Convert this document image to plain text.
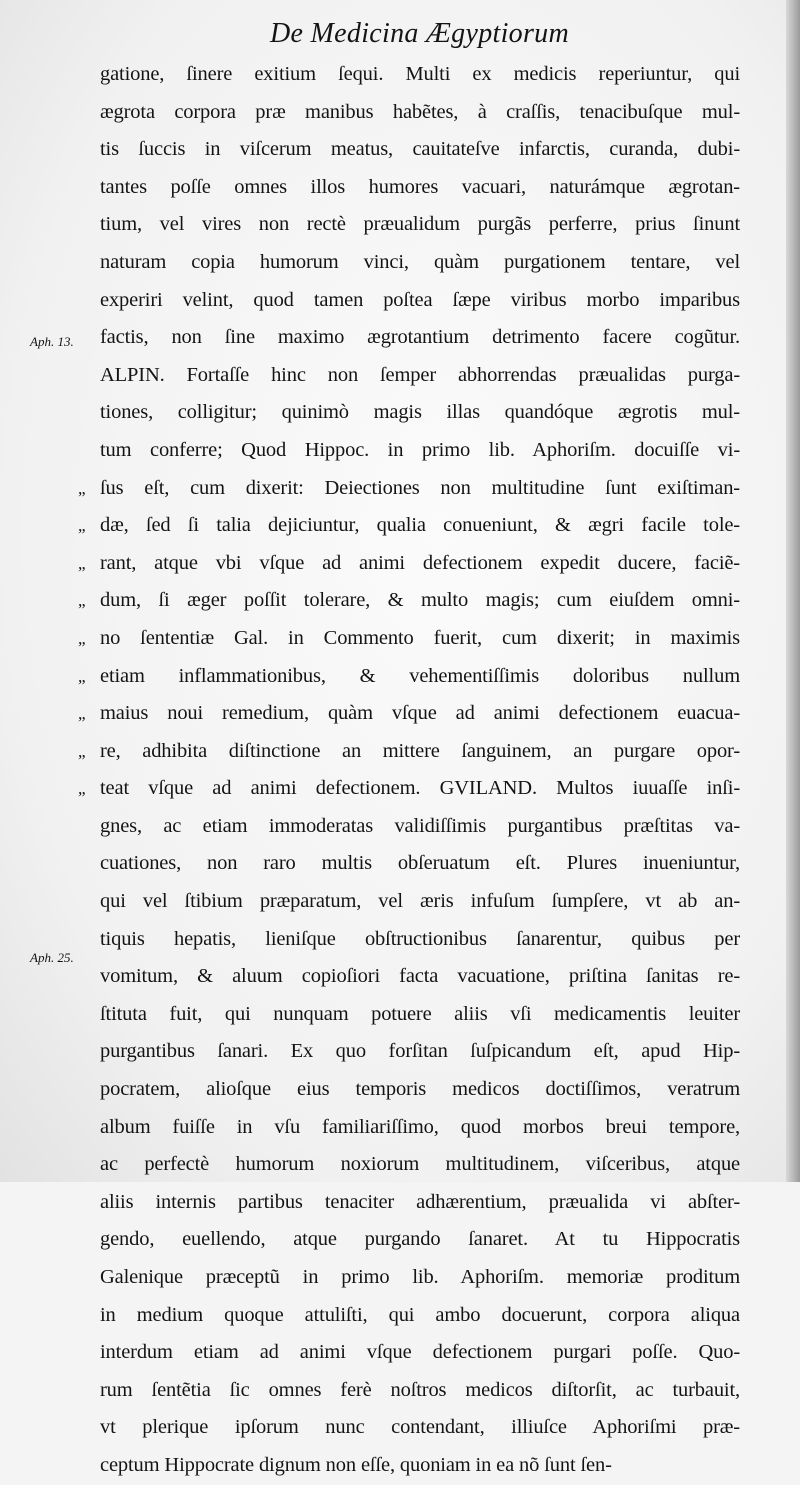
De Medicina Ægyptiorum
Aph. 13.
Aph. 25.
„
„
„
„
„
„
„
„
„
gatione, ſinere exitium ſequi. Multi ex medicis reperiuntur, qui
ægrota corpora præ manibus habẽtes, à craſſis, tenacibuſque mul-
tis ſuccis in viſcerum meatus, cauitateſve infarctis, curanda, dubi-
tantes poſſe omnes illos humores vacuari, naturámque ægrotan-
tium, vel vires non rectè præualidum purgãs perferre, prius ſinunt
naturam copia humorum vinci, quàm purgationem tentare, vel
experiri velint, quod tamen poſtea ſæpe viribus morbo imparibus
factis, non ſine maximo ægrotantium detrimento facere cogũtur.
ALPIN. Fortaſſe hinc non ſemper abhorrendas præualidas purga-
tiones, colligitur; quinimò magis illas quandóque ægrotis mul-
tum conferre; Quod Hippoc. in primo lib. Aphoriſm. docuiſſe vi-
ſus eſt, cum dixerit: Deiectiones non multitudine ſunt exiſtiman-
dæ, ſed ſi talia dejiciuntur, qualia conueniunt, & ægri facile tole-
rant, atque vbi vſque ad animi defectionem expedit ducere, faciẽ-
dum, ſi æger poſſit tolerare, & multo magis; cum eiuſdem omni-
no ſententiæ Gal. in Commento fuerit, cum dixerit; in maximis
etiam inflammationibus, & vehementiſſimis doloribus nullum
maius noui remedium, quàm vſque ad animi defectionem euacua-
re, adhibita diſtinctione an mittere ſanguinem, an purgare opor-
teat vſque ad animi defectionem. GVILAND. Multos iuuaſſe inſi-
gnes, ac etiam immoderatas validiſſimis purgantibus præſtitas va-
cuationes, non raro multis obſeruatum eſt. Plures inueniuntur,
qui vel ſtibium præparatum, vel æris infuſum ſumpſere, vt ab an-
tiquis hepatis, lieniſque obſtructionibus ſanarentur, quibus per
vomitum, & aluum copioſiori facta vacuatione, priſtina ſanitas re-
ſtituta fuit, qui nunquam potuere aliis vſi medicamentis leuiter
purgantibus ſanari. Ex quo forſitan ſuſpicandum eſt, apud Hip-
pocratem, alioſque eius temporis medicos doctiſſimos, veratrum
album fuiſſe in vſu familiariſſimo, quod morbos breui tempore,
ac perfectè humorum noxiorum multitudinem, viſceribus, atque
aliis internis partibus tenaciter adhærentium, præualida vi abſter-
gendo, euellendo, atque purgando ſanaret. At tu Hippocratis
Galenique præceptũ in primo lib. Aphoriſm. memoriæ proditum
in medium quoque attuliſti, qui ambo docuerunt, corpora aliqua
interdum etiam ad animi vſque defectionem purgari poſſe. Quo-
rum ſentẽtia ſic omnes ferè noſtros medicos diſtorſit, ac turbauit,
vt plerique ipſorum nunc contendant, illiuſce Aphoriſmi præ-
ceptum Hippocrate dignum non eſſe, quoniam in ea nõ ſunt ſen-
